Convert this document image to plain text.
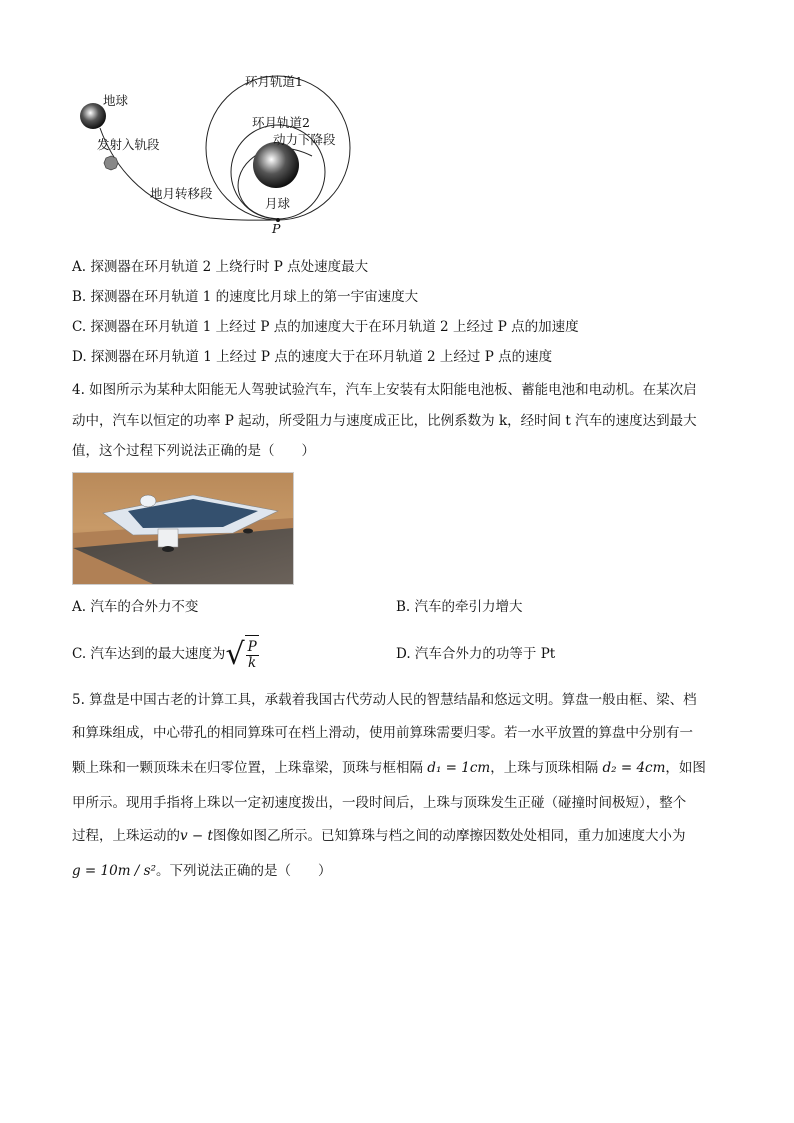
地球
发射入轨段
地月转移段
环月轨道1
环月轨道2
动力下降段
月球
P
A. 探测器在环月轨道 2 上绕行时 P 点处速度最大
B. 探测器在环月轨道 1 的速度比月球上的第一宇宙速度大
C. 探测器在环月轨道 1 上经过 P 点的加速度大于在环月轨道 2 上经过 P 点的加速度
D. 探测器在环月轨道 1 上经过 P 点的速度大于在环月轨道 2 上经过 P 点的速度
4. 如图所示为某种太阳能无人驾驶试验汽车，汽车上安装有太阳能电池板、蓄能电池和电动机。在某次启
动中，汽车以恒定的功率 P 起动，所受阻力与速度成正比，比例系数为 k，经时间 t 汽车的速度达到最大
值，这个过程下列说法正确的是（　　）
A. 汽车的合外力不变	B. 汽车的牵引力增大
C. 汽车达到的最大速度为 √ $\frac{P}{k}$	D. 汽车合外力的功等于 Pt
5. 算盘是中国古老的计算工具，承载着我国古代劳动人民的智慧结晶和悠远文明。算盘一般由框、梁、档
和算珠组成，中心带孔的相同算珠可在档上滑动，使用前算珠需要归零。若一水平放置的算盘中分别有一
颗上珠和一颗顶珠未在归零位置，上珠靠梁，顶珠与框相隔 d₁ = 1cm，上珠与顶珠相隔 d₂ = 4cm，如图
甲所示。现用手指将上珠以一定初速度拨出，一段时间后，上珠与顶珠发生正碰（碰撞时间极短），整个
过程，上珠运动的v − t图像如图乙所示。已知算珠与档之间的动摩擦因数处处相同，重力加速度大小为
g = 10m / s²。下列说法正确的是（　　）
